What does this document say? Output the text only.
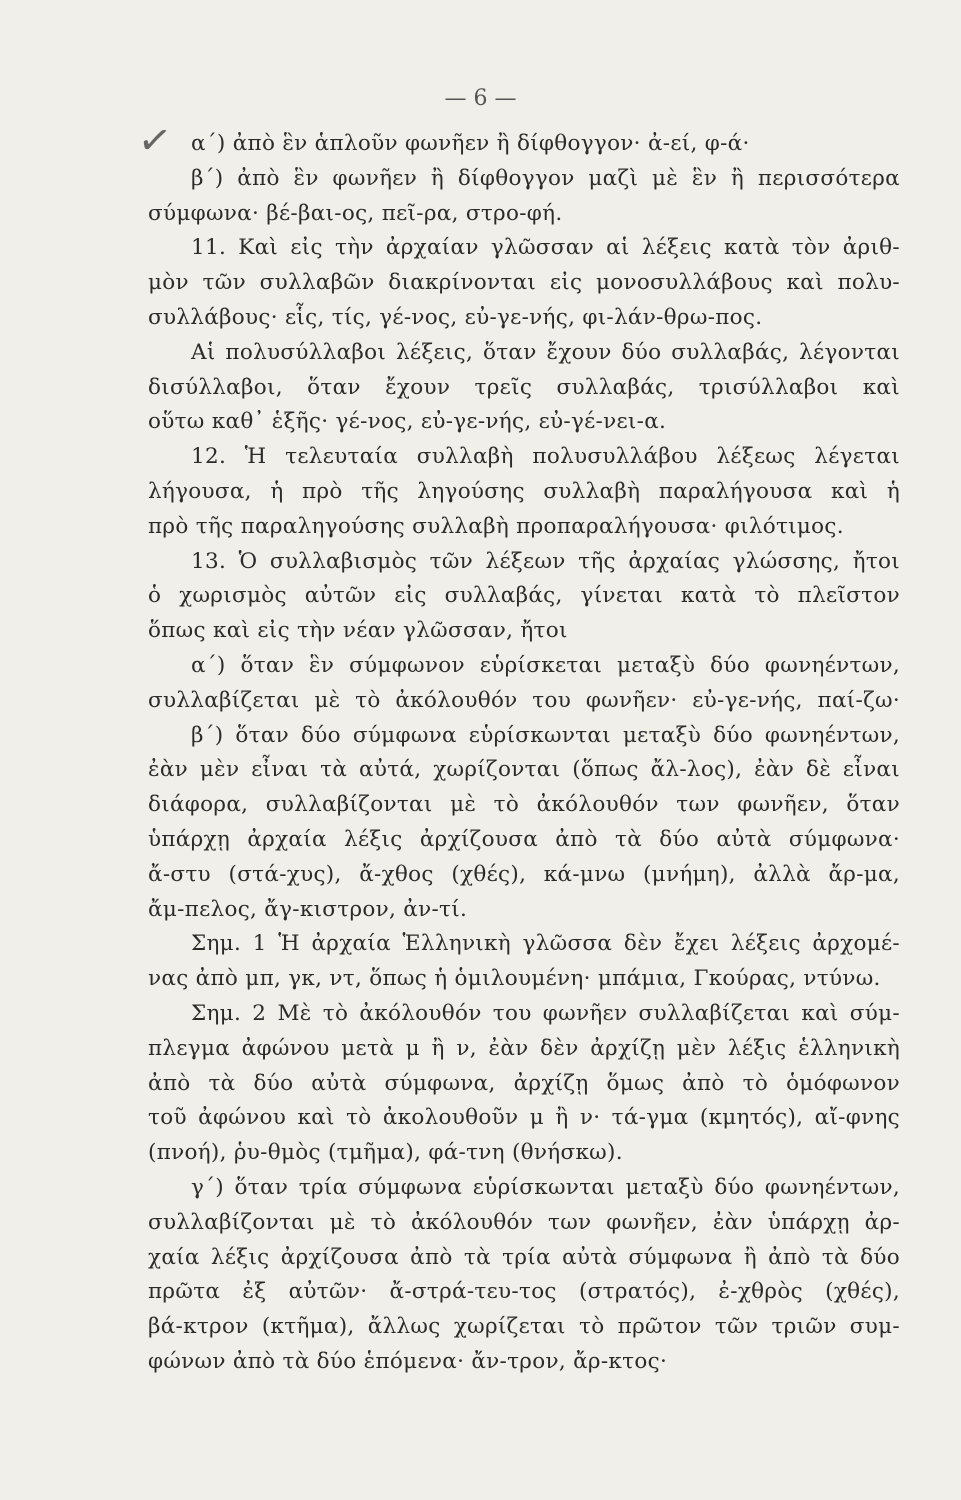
— 6 —
✓ α΄) ἀπὸ ἓν ἁπλοῦν φωνῆεν ἢ δίφθογγον· ἀ-εί, φ-ά·
β΄) ἀπὸ ἓν φωνῆεν ἢ δίφθογγον μαζὶ μὲ ἓν ἢ περισσότερα
σύμφωνα· βέ-βαι-ος, πεῖ-ρα, στρο-φή.
11. Καὶ εἰς τὴν ἀρχαίαν γλῶσσαν αἱ λέξεις κατὰ τὸν ἀριθ-
μὸν τῶν συλλαβῶν διακρίνονται εἰς μονοσυλλάβους καὶ πολυ-
συλλάβους· εἷς, τίς, γέ-νος, εὐ-γε-νής, φι-λάν-θρω-πος.
Αἱ πολυσύλλαβοι λέξεις, ὅταν ἔχουν δύο συλλαβάς, λέγονται
δισύλλαβοι, ὅταν ἔχουν τρεῖς συλλαβάς, τρισύλλαβοι καὶ
οὕτω καθ᾽ ἑξῆς· γέ-νος, εὐ-γε-νής, εὐ-γέ-νει-α.
12. Ἡ τελευταία συλλαβὴ πολυσυλλάβου λέξεως λέγεται
λήγουσα, ἡ πρὸ τῆς ληγούσης συλλαβὴ παραλήγουσα καὶ ἡ
πρὸ τῆς παραληγούσης συλλαβὴ προπαραλήγουσα· φιλότιμος.
13. Ὁ συλλαβισμὸς τῶν λέξεων τῆς ἀρχαίας γλώσσης, ἤτοι
ὁ χωρισμὸς αὐτῶν εἰς συλλαβάς, γίνεται κατὰ τὸ πλεῖστον
ὅπως καὶ εἰς τὴν νέαν γλῶσσαν, ἤτοι
α΄) ὅταν ἓν σύμφωνον εὑρίσκεται μεταξὺ δύο φωνηέντων,
συλλαβίζεται μὲ τὸ ἀκόλουθόν του φωνῆεν· εὐ-γε-νής, παί-ζω·
β΄) ὅταν δύο σύμφωνα εὑρίσκωνται μεταξὺ δύο φωνηέντων,
ἐὰν μὲν εἶναι τὰ αὐτά, χωρίζονται (ὅπως ἄλ-λος), ἐὰν δὲ εἶναι
διάφορα, συλλαβίζονται μὲ τὸ ἀκόλουθόν των φωνῆεν, ὅταν
ὑπάρχῃ ἀρχαία λέξις ἀρχίζουσα ἀπὸ τὰ δύο αὐτὰ σύμφωνα·
ἄ-στυ (στά-χυς), ἄ-χθος (χθές), κά-μνω (μνήμη), ἀλλὰ ἄρ-μα,
ἄμ-πελος, ἄγ-κιστρον, ἀν-τί.
Σημ. 1 Ἡ ἀρχαία Ἑλληνικὴ γλῶσσα δὲν ἔχει λέξεις ἀρχομέ-
νας ἀπὸ μπ, γκ, ντ, ὅπως ἡ ὁμιλουμένη· μπάμια, Γκούρας, ντύνω.
Σημ. 2 Μὲ τὸ ἀκόλουθόν του φωνῆεν συλλαβίζεται καὶ σύμ-
πλεγμα ἀφώνου μετὰ μ ἢ ν, ἐὰν δὲν ἀρχίζῃ μὲν λέξις ἑλληνικὴ
ἀπὸ τὰ δύο αὐτὰ σύμφωνα, ἀρχίζῃ ὅμως ἀπὸ τὸ ὁμόφωνον
τοῦ ἀφώνου καὶ τὸ ἀκολουθοῦν μ ἢ ν· τά-γμα (κμητός), αἴ-φνης
(πνοή), ῥυ-θμὸς (τμῆμα), φά-τνη (θνήσκω).
γ΄) ὅταν τρία σύμφωνα εὑρίσκωνται μεταξὺ δύο φωνηέντων,
συλλαβίζονται μὲ τὸ ἀκόλουθόν των φωνῆεν, ἐὰν ὑπάρχῃ ἀρ-
χαία λέξις ἀρχίζουσα ἀπὸ τὰ τρία αὐτὰ σύμφωνα ἢ ἀπὸ τὰ δύο
πρῶτα ἐξ αὐτῶν· ἄ-στρά-τευ-τος (στρατός), ἐ-χθρὸς (χθές),
βά-κτρον (κτῆμα), ἄλλως χωρίζεται τὸ πρῶτον τῶν τριῶν συμ-
φώνων ἀπὸ τὰ δύο ἑπόμενα· ἄν-τρον, ἄρ-κτος·
